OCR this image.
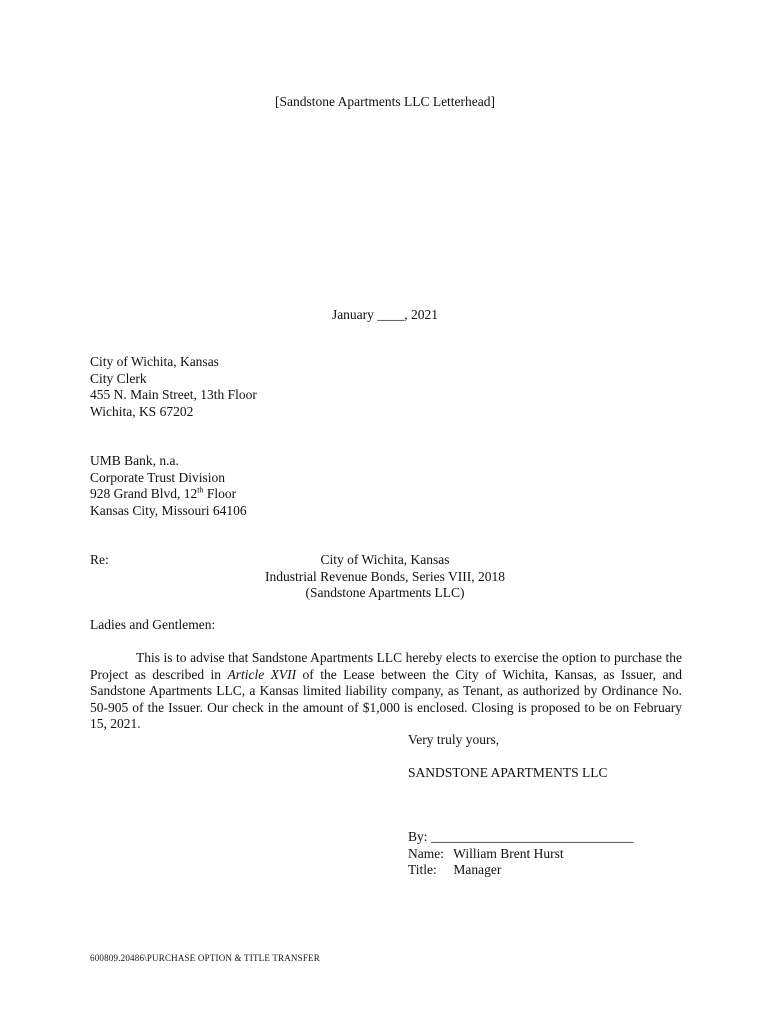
[Sandstone Apartments LLC Letterhead]
January ____, 2021
City of Wichita, Kansas
City Clerk
455 N. Main Street, 13th Floor
Wichita, KS 67202
UMB Bank, n.a.
Corporate Trust Division
928 Grand Blvd, 12th Floor
Kansas City, Missouri 64106
Re:	City of Wichita, Kansas
Industrial Revenue Bonds, Series VIII, 2018
(Sandstone Apartments LLC)
Ladies and Gentlemen:
This is to advise that Sandstone Apartments LLC hereby elects to exercise the option to purchase the Project as described in Article XVII of the Lease between the City of Wichita, Kansas, as Issuer, and Sandstone Apartments LLC, a Kansas limited liability company, as Tenant, as authorized by Ordinance No. 50-905 of the Issuer. Our check in the amount of $1,000 is enclosed. Closing is proposed to be on February 15, 2021.
Very truly yours,
SANDSTONE APARTMENTS LLC
By: ______________________________
Name: William Brent Hurst
Title: Manager
600809.20486\PURCHASE OPTION & TITLE TRANSFER
